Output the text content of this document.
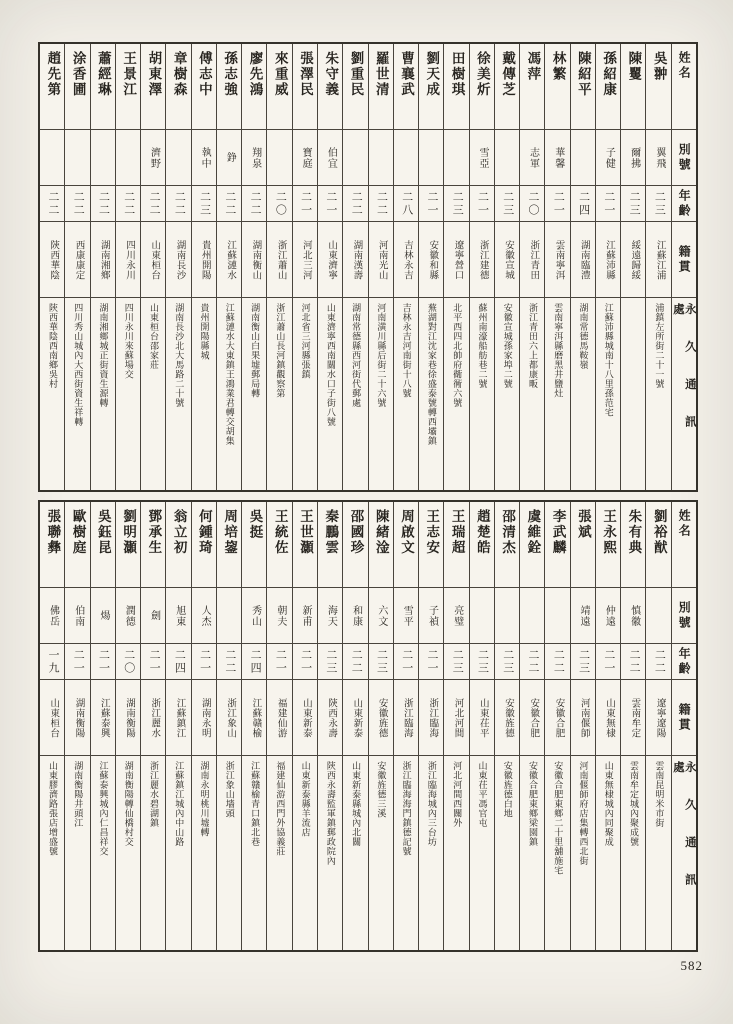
姓名
別號
年齡
籍貫
永久通訊處
吳翀
翼飛
二三
江蘇江浦
浦鎮左所街二十一號
陳矍
爾拂
二三
綏遠歸綏
孫紹康
子健
二一
江蘇沛縣
江蘇沛縣城南十八里孫范宅
陳紹平
二四
湖南臨澧
湖南常德馬鞍嶺
林繁
華馨
二一
雲南寧洱
雲南寧洱縣磨黑井鹽灶
馮萍
志軍
二〇
浙江青田
浙江青田六上都康畈
戴傳芝
二三
安徽宣城
安徽宣城孫家埠二號
徐美炘
雪亞
二一
浙江建德
蘇州南濠船舫巷二號
田樹琪
二三
遼寧營口
北平西四北帥府衚衕六號
劉天成
二一
安徽和縣
蕪湖對江沈家巷徐盛泰號轉西壩鎮
曹襄武
二八
吉林永吉
吉林永吉河南街十八號
羅世清
二二
河南光山
河南潢川縣后街二十六號
劉重民
二二
湖南漢壽
湖南常德縣西河街代郵處
朱守義
伯宜
二一
山東濟寧
山東濟寧西南關水口子街八號
張澤民
寶庭
二一
河北三河
河北省三河縣張鎮
來重威
二〇
浙江蕭山
浙江蕭山長河鎮觀察第
廖先鴻
翔泉
二二
湖南衡山
湖南衡山白果墟郵局轉
孫志強
錚
二二
江蘇漣水
江蘇漣水大東鎮王鴻業君轉交胡集
傅志中
執中
二三
貴州開陽
貴州開陽縣城
章樹森
二二
湖南長沙
湖南長沙北大馬路二十號
胡東澤
濟野
二二
山東桓台
山東桓台邵家莊
王景江
二二
四川永川
四川永川來蘇場交
蕭經琳
二二
湖南湘鄉
湖南湘鄉城正街資生源轉
涂香圃
二二
西康康定
四川秀山城內大西街資生祥轉
趙先第
二二
陝西華陰
陝西華陰西南鄉吳村
姓名
別號
年齡
籍貫
永久通訊處
劉裕猷
二二
遼寧遼陽
雲南昆明米市街
朱有典
慎徽
二二
雲南牟定
雲南牟定城內聚成號
王永熙
仲遠
二一
山東無棣
山東無棣城內同聚成
張斌
靖遠
二三
河南偃師
河南偃師府店集轉西北街
李武麟
二二
安徽合肥
安徽合肥東鄉二十里舖施宅
虞維銓
二二
安徽合肥
安徽合肥東鄉梁園鎮
邵清杰
二三
安徽旌德
安徽旌德白地
趙楚皓
二三
山東茌平
山東茌平馮官屯
王瑞超
亮璧
二三
河北河間
河北河間西關外
王志安
子禎
二一
浙江臨海
浙江臨海城內三台坊
周啟文
雪平
二一
浙江臨海
浙江臨海海門鎮德記號
陳緒淦
六文
二三
安徽旌德
安徽旌德三溪
邵國珍
和康
二二
山東新泰
山東新泰縣城內北關
秦鵬雲
海天
二三
陝西永壽
陝西永壽監軍鎮郵政院內
王世灝
新甫
二一
山東新泰
山東新泰縣羊流店
王統佐
朝夫
二一
福建仙游
福建仙游西門外協義莊
吳挺
秀山
二四
江蘇贛榆
江蘇贛榆青口鎮北巷
周培鋆
二二
浙江象山
浙江象山墻頭
何鍾琦
人杰
二一
湖南永明
湖南永明桃川墟轉
翁立初
旭東
二四
江蘇鎮江
江蘇鎮江城內中山路
鄧承生
劍
二一
浙江麗水
浙江麗水碧湖鎮
劉明灝
潤德
二〇
湖南衡陽
湖南衡陽轉仙橋村交
吳鈺昆
煬
二一
江蘇泰興
江蘇泰興城內仁昌祥交
歐樹庭
伯南
二一
湖南衡陽
湖南衡陽井頭江
張聯彝
佛岳
一九
山東桓台
山東膠濟路張店增盛號
582
